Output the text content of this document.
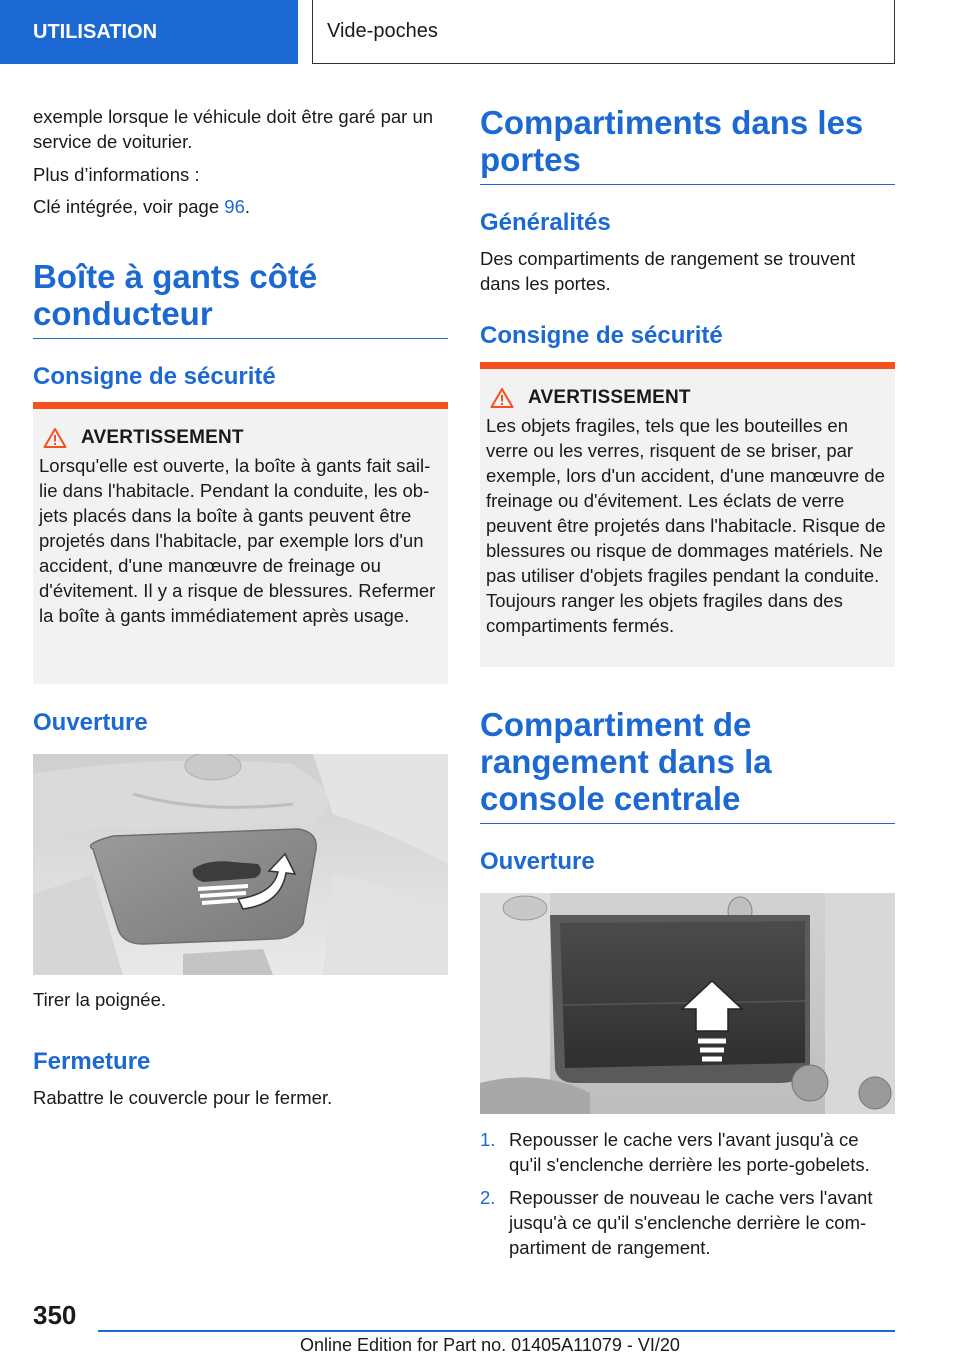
UTILISATION	Vide-poches

exemple lorsque le véhicule doit être garé par un service de voiturier.

Plus d’informations :

Clé intégrée, voir page 96.

Boîte à gants côté conducteur
Consigne de sécurité
AVERTISSEMENT

Lorsqu'elle est ouverte, la boîte à gants fait saillie dans l'habitacle. Pendant la conduite, les objets placés dans la boîte à gants peuvent être projetés dans l'habitacle, par exemple lors d'un accident, d'une manœuvre de freinage ou d'évitement. Il y a risque de blessures. Refermer la boîte à gants immédiatement après usage.

Ouverture

Tirer la poignée.

Fermeture

Rabattre le couvercle pour le fermer.

Compartiments dans les portes
Généralités

Des compartiments de rangement se trouvent dans les portes.

Consigne de sécurité
AVERTISSEMENT

Les objets fragiles, tels que les bouteilles en verre ou les verres, risquent de se briser, par exemple, lors d'un accident, d'une manœuvre de freinage ou d'évitement. Les éclats de verre peuvent être projetés dans l'habitacle. Risque de blessures ou risque de dommages matériels. Ne pas utiliser d'objets fragiles pendant la conduite. Toujours ranger les objets fragiles dans des compartiments fermés.

Compartiment de rangement dans la console centrale
Ouverture
1. Repousser le cache vers l'avant jusqu'à ce qu'il s'enclenche derrière les porte-gobelets.
2. Repousser de nouveau le cache vers l'avant jusqu'à ce qu'il s'enclenche derrière le compartiment de rangement.
350
Online Edition for Part no. 01405A11079 - VI/20
